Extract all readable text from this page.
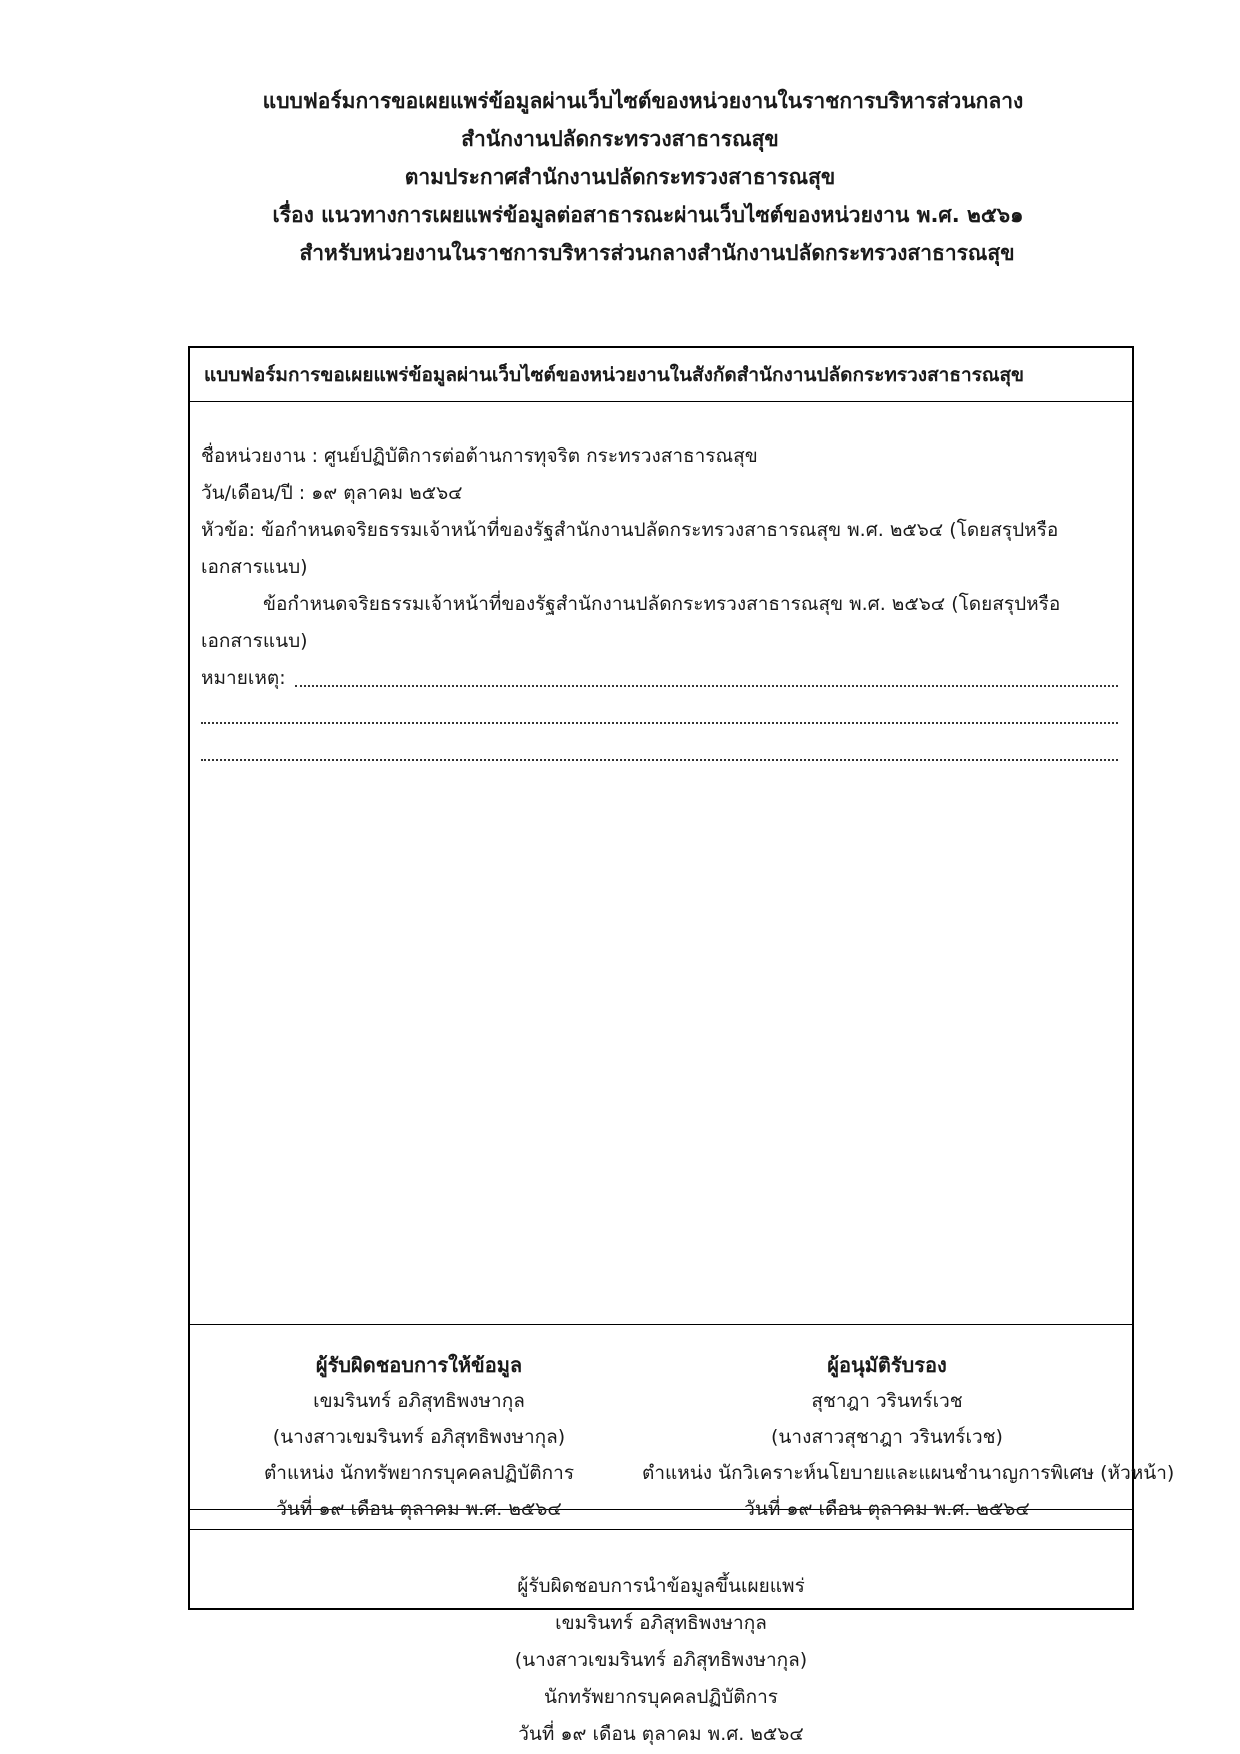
แบบฟอร์มการขอเผยแพร่ข้อมูลผ่านเว็บไซต์ของหน่วยงานในราชการบริหารส่วนกลาง
สำนักงานปลัดกระทรวงสาธารณสุข
ตามประกาศสำนักงานปลัดกระทรวงสาธารณสุข
เรื่อง แนวทางการเผยแพร่ข้อมูลต่อสาธารณะผ่านเว็บไซต์ของหน่วยงาน พ.ศ. ๒๕๖๑
สำหรับหน่วยงานในราชการบริหารส่วนกลางสำนักงานปลัดกระทรวงสาธารณสุข
แบบฟอร์มการขอเผยแพร่ข้อมูลผ่านเว็บไซต์ของหน่วยงานในสังกัดสำนักงานปลัดกระทรวงสาธารณสุข
ชื่อหน่วยงาน : ศูนย์ปฏิบัติการต่อต้านการทุจริต กระทรวงสาธารณสุข
วัน/เดือน/ปี : ๑๙ ตุลาคม ๒๕๖๔
หัวข้อ: ข้อกำหนดจริยธรรมเจ้าหน้าที่ของรัฐสำนักงานปลัดกระทรวงสาธารณสุข พ.ศ. ๒๕๖๔ (โดยสรุปหรือ
เอกสารแนบ)
ข้อกำหนดจริยธรรมเจ้าหน้าที่ของรัฐสำนักงานปลัดกระทรวงสาธารณสุข พ.ศ. ๒๕๖๔ (โดยสรุปหรือ
เอกสารแนบ)
หมายเหตุ:
ผู้รับผิดชอบการให้ข้อมูล
เขมรินทร์ อภิสุทธิพงษากุล
(นางสาวเขมรินทร์ อภิสุทธิพงษากุล)
ตำแหน่ง นักทรัพยากรบุคคลปฏิบัติการ
วันที่ ๑๙ เดือน ตุลาคม พ.ศ. ๒๕๖๔
ผู้อนุมัติรับรอง
สุชาฎา วรินทร์เวช
(นางสาวสุชาฎา วรินทร์เวช)
ตำแหน่ง นักวิเคราะห์นโยบายและแผนชำนาญการพิเศษ (หัวหน้า)
วันที่ ๑๙ เดือน ตุลาคม พ.ศ. ๒๕๖๔
ผู้รับผิดชอบการนำข้อมูลขึ้นเผยแพร่
เขมรินทร์ อภิสุทธิพงษากุล
(นางสาวเขมรินทร์ อภิสุทธิพงษากุล)
นักทรัพยากรบุคคลปฏิบัติการ
วันที่ ๑๙ เดือน ตุลาคม พ.ศ. ๒๕๖๔
